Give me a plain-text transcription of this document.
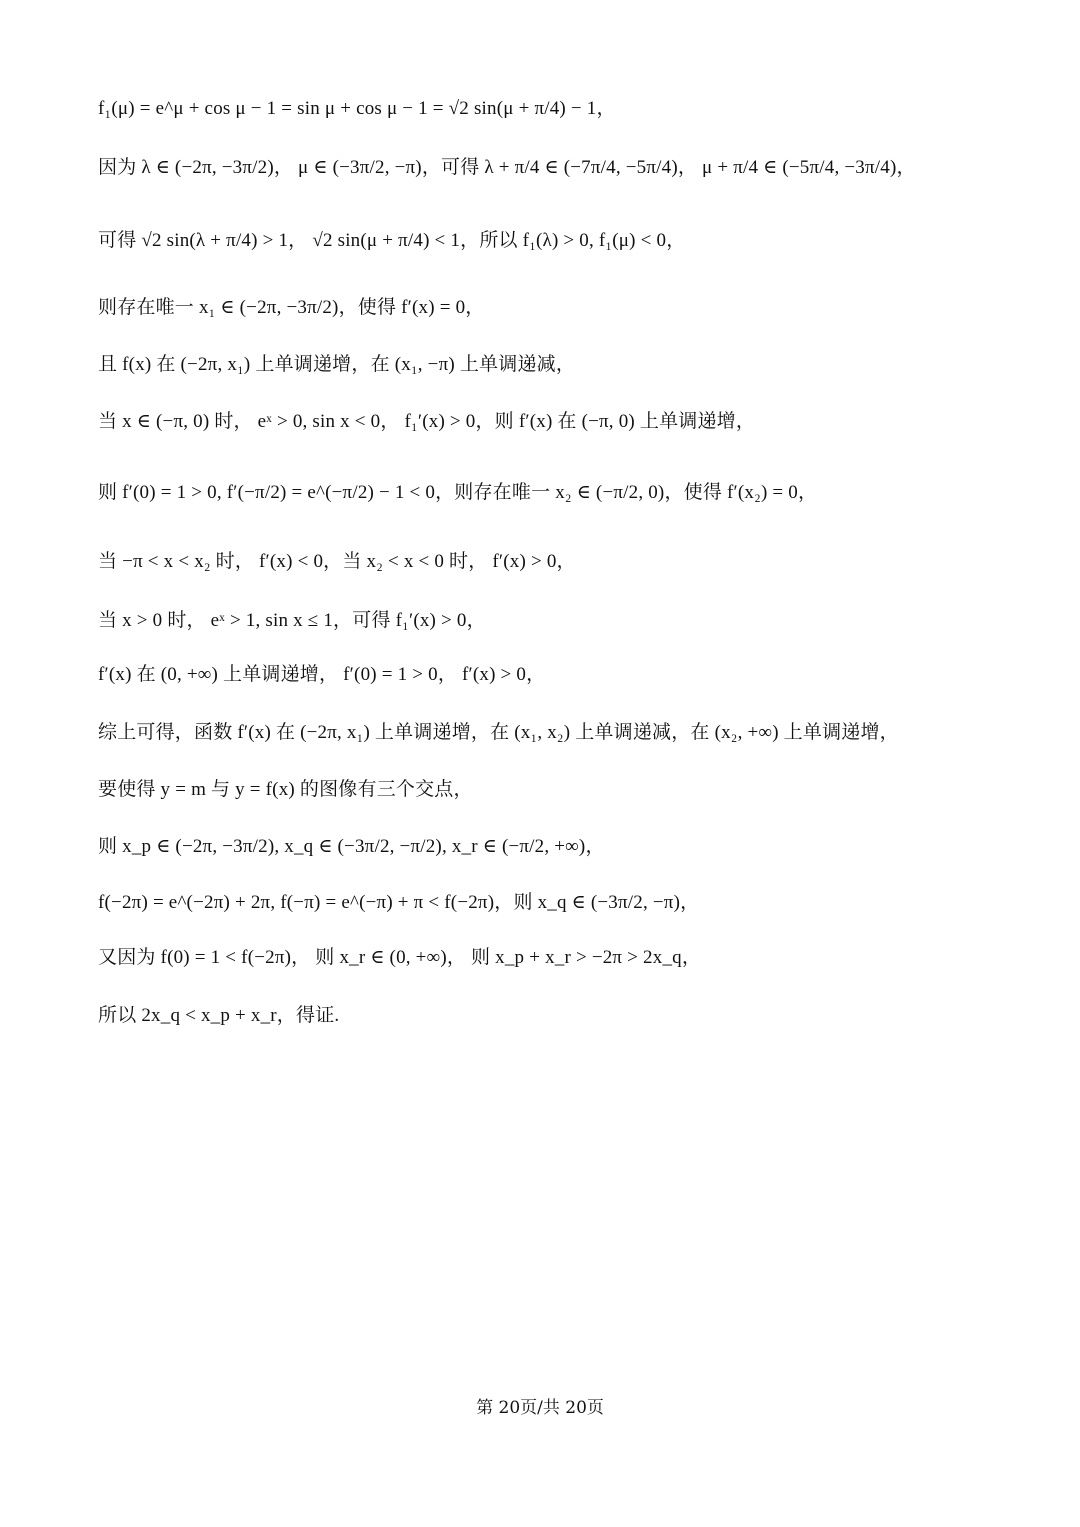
f₁(μ) = e^μ + cos μ − 1 = sin μ + cos μ − 1 = √2 sin(μ + π/4) − 1，
因为 λ ∈ (−2π, −3π/2)， μ ∈ (−3π/2, −π)，可得 λ + π/4 ∈ (−7π/4, −5π/4)， μ + π/4 ∈ (−5π/4, −3π/4)，
可得 √2 sin(λ + π/4) > 1， √2 sin(μ + π/4) < 1，所以 f₁(λ) > 0, f₁(μ) < 0，
则存在唯一 x₁ ∈ (−2π, −3π/2)，使得 f′(x) = 0，
且 f(x) 在 (−2π, x₁) 上单调递增，在 (x₁, −π) 上单调递减，
当 x ∈ (−π, 0) 时， eˣ > 0, sin x < 0， f₁′(x) > 0，则 f′(x) 在 (−π, 0) 上单调递增，
则 f′(0) = 1 > 0, f′(−π/2) = e^(−π/2) − 1 < 0，则存在唯一 x₂ ∈ (−π/2, 0)，使得 f′(x₂) = 0，
当 −π < x < x₂ 时， f′(x) < 0，当 x₂ < x < 0 时， f′(x) > 0，
当 x > 0 时， eˣ > 1, sin x ≤ 1，可得 f₁′(x) > 0，
f′(x) 在 (0, +∞) 上单调递增， f′(0) = 1 > 0， f′(x) > 0，
综上可得，函数 f′(x) 在 (−2π, x₁) 上单调递增，在 (x₁, x₂) 上单调递减，在 (x₂, +∞) 上单调递增，
要使得 y = m 与 y = f(x) 的图像有三个交点，
则 x_p ∈ (−2π, −3π/2), x_q ∈ (−3π/2, −π/2), x_r ∈ (−π/2, +∞)，
f(−2π) = e^(−2π) + 2π, f(−π) = e^(−π) + π < f(−2π)，则 x_q ∈ (−3π/2, −π)，
又因为 f(0) = 1 < f(−2π)， 则 x_r ∈ (0, +∞)， 则 x_p + x_r > −2π > 2x_q，
所以 2x_q < x_p + x_r，得证.
第 20页/共 20页
